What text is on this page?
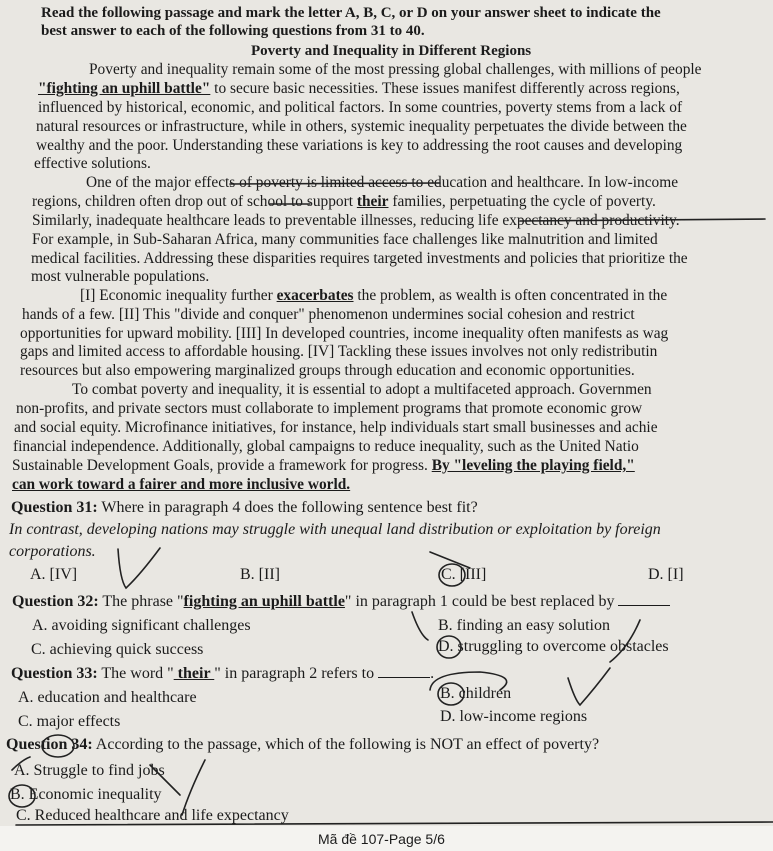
Read the following passage and mark the letter A, B, C, or D on your answer sheet to indicate the
best answer to each of the following questions from 31 to 40.
Poverty and Inequality in Different Regions
Poverty and inequality remain some of the most pressing global challenges, with millions of people
"fighting an uphill battle" to secure basic necessities. These issues manifest differently across regions,
influenced by historical, economic, and political factors. In some countries, poverty stems from a lack of
natural resources or infrastructure, while in others, systemic inequality perpetuates the divide between the
wealthy and the poor. Understanding these variations is key to addressing the root causes and developing
effective solutions.
One of the major effects of poverty is limited access to education and healthcare. In low-income
regions, children often drop out of school to support their families, perpetuating the cycle of poverty.
Similarly, inadequate healthcare leads to preventable illnesses, reducing life expectancy and productivity.
For example, in Sub-Saharan Africa, many communities face challenges like malnutrition and limited
medical facilities. Addressing these disparities requires targeted investments and policies that prioritize the
most vulnerable populations.
[I] Economic inequality further exacerbates the problem, as wealth is often concentrated in the
hands of a few. [II] This "divide and conquer" phenomenon undermines social cohesion and restrict
opportunities for upward mobility. [III] In developed countries, income inequality often manifests as wag
gaps and limited access to affordable housing. [IV] Tackling these issues involves not only redistributin
resources but also empowering marginalized groups through education and economic opportunities.
To combat poverty and inequality, it is essential to adopt a multifaceted approach. Governmen
non-profits, and private sectors must collaborate to implement programs that promote economic grow
and social equity. Microfinance initiatives, for instance, help individuals start small businesses and achie
financial independence. Additionally, global campaigns to reduce inequality, such as the United Natio
Sustainable Development Goals, provide a framework for progress. By "leveling the playing field,"
can work toward a fairer and more inclusive world.
Question 31: Where in paragraph 4 does the following sentence best fit?
In contrast, developing nations may struggle with unequal land distribution or exploitation by foreign
corporations.
A. [IV]	B. [II]	C. [III]	D. [I]
Question 32: The phrase "fighting an uphill battle" in paragraph 1 could be best replaced by
A. avoiding significant challenges	B. finding an easy solution
C. achieving quick success	D. struggling to overcome obstacles
Question 33: The word " their " in paragraph 2 refers to	.
A. education and healthcare	B. children
C. major effects	D. low-income regions
Question 34: According to the passage, which of the following is NOT an effect of poverty?
A. Struggle to find jobs
B. Economic inequality
C. Reduced healthcare and life expectancy
Mã đề 107-Page 5/6
